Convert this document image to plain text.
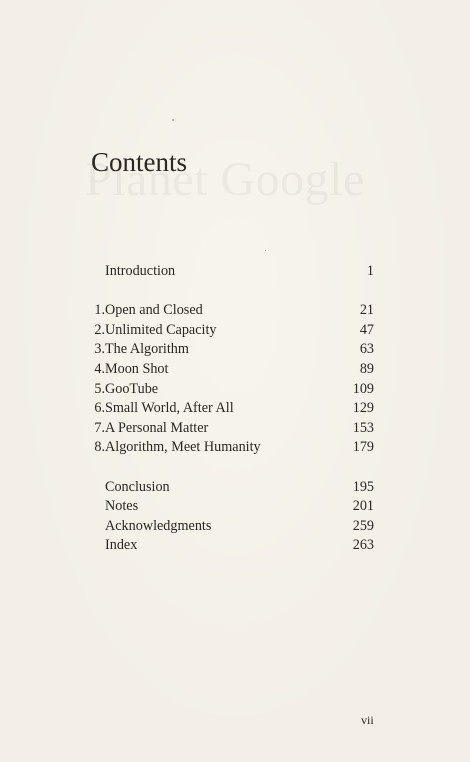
Contents
Introduction	1
1. Open and Closed	21
2. Unlimited Capacity	47
3. The Algorithm	63
4. Moon Shot	89
5. GooTube	109
6. Small World, After All	129
7. A Personal Matter	153
8. Algorithm, Meet Humanity	179
Conclusion	195
Notes	201
Acknowledgments	259
Index	263
vii
